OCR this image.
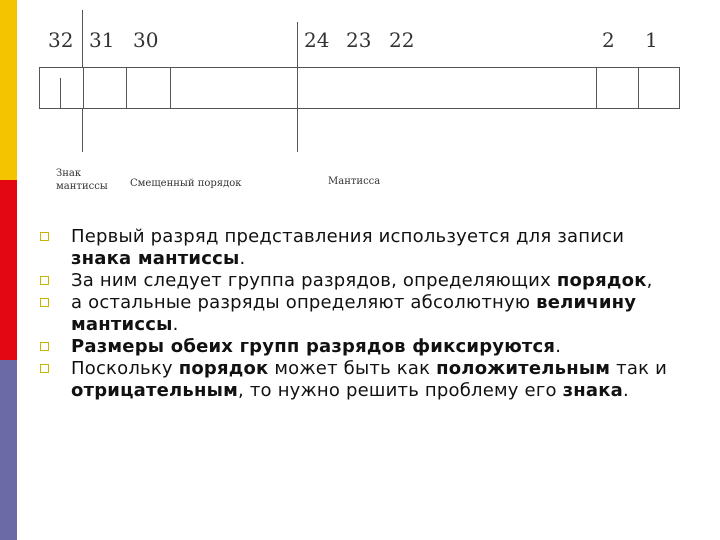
32 31 30	24 23 22	2 1
Знак
мантиссы Смещенный порядок	Мантисса
Первый разряд представления используется для записи знака мантиссы.
За ним следует группа разрядов, определяющих порядок,
а остальные разряды определяют абсолютную величину мантиссы.
Размеры обеих групп разрядов фиксируются.
Поскольку порядок может быть как положительным так и отрицательным, то нужно решить проблему его знака.
